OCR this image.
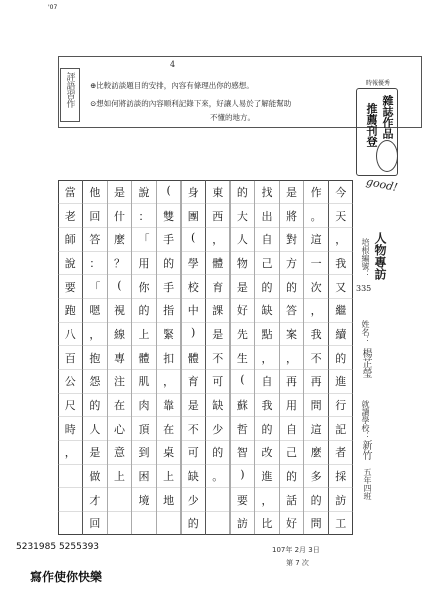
'07
4
評語習作 ⊕比較訪談題目的安排，內容有條理出你的感想。
⊙想如何將訪談的內容順利記錄下來，好讓人易於了解能幫助
不懂的地方。
時報優秀
雜誌作品
推薦刊登
good!
今
天
，
我
又
繼
續
的
進
行
記
者
採
訪
工
作
。
這
一
次
，
我
不
再
問
這
麼
多
的
問
是
將
對
方
的
答
案
，
再
用
自
己
的
話
好
找
出
自
己
的
缺
點
，
自
我
的
改
進
，
比
的
大
人
物
是
好
先
生
(
蘇
哲
智
)
要
訪
東
西
，
體
育
課
是
不
可
缺
少
的
。
身
團
(
學
校
中
)
體
育
是
不
可
缺
少
的
(
雙
手
的
手
指
緊
扣
，
靠
在
桌
上
地
說
：
「
用
你
的
上
體
肌
肉
頂
到
困
境
是
什
麼
？
(
視
線
專
注
在
心
意
上
他
回
答
：
「
嗯
，
抱
怨
的
人
是
做
才
回
當
老
師
說
要
跑
八
百
公
尺
時
，
人物專訪
培根編號：
335
姓名：
楊芷瑩
就讀學校：
新竹
五年四班
5231985 5255393
寫作使你快樂
107年 2月 3日
第 7 次
